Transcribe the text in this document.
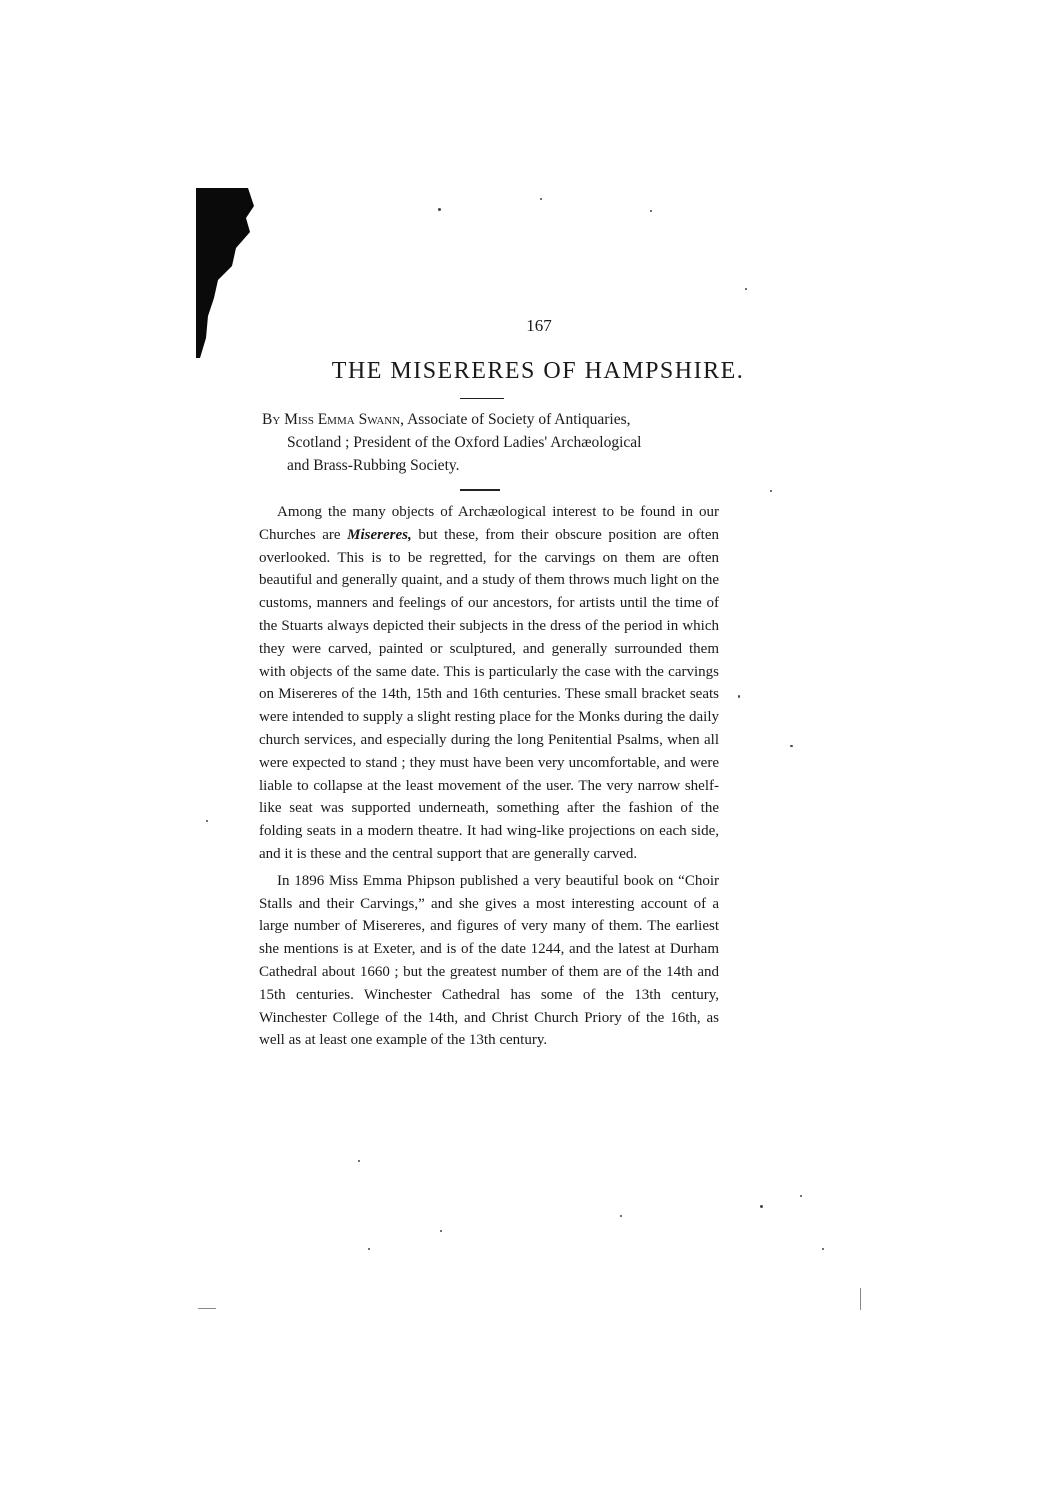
167
THE MISERERES OF HAMPSHIRE.
By Miss Emma Swann, Associate of Society of Antiquaries,
Scotland ; President of the Oxford Ladies' Archæological
and Brass-Rubbing Society.

Among the many objects of Archæological interest to be found in our Churches are Misereres, but these, from their obscure position are often overlooked. This is to be regretted, for the carvings on them are often beautiful and generally quaint, and a study of them throws much light on the customs, manners and feelings of our ancestors, for artists until the time of the Stuarts always depicted their subjects in the dress of the period in which they were carved, painted or sculptured, and generally surrounded them with objects of the same date. This is particularly the case with the carvings on Misereres of the 14th, 15th and 16th centuries. These small bracket seats were intended to supply a slight resting place for the Monks during the daily church services, and especially during the long Penitential Psalms, when all were expected to stand ; they must have been very uncomfortable, and were liable to collapse at the least movement of the user. The very narrow shelf-like seat was supported underneath, something after the fashion of the folding seats in a modern theatre. It had wing-like projections on each side, and it is these and the central support that are generally carved.

In 1896 Miss Emma Phipson published a very beautiful book on “Choir Stalls and their Carvings,” and she gives a most interesting account of a large number of Misereres, and figures of very many of them. The earliest she mentions is at Exeter, and is of the date 1244, and the latest at Durham Cathedral about 1660 ; but the greatest number of them are of the 14th and 15th centuries. Winchester Cathedral has some of the 13th century, Winchester College of the 14th, and Christ Church Priory of the 16th, as well as at least one example of the 13th century.
